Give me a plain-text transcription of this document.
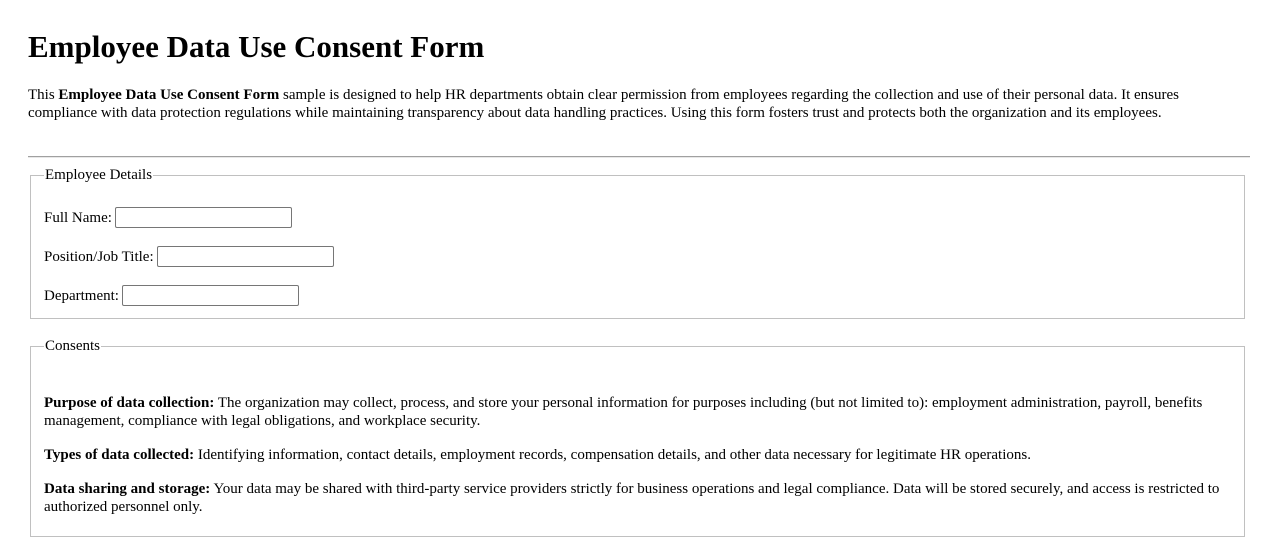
Employee Data Use Consent Form

This Employee Data Use Consent Form sample is designed to help HR departments obtain clear permission from employees regarding the collection and use of their personal data. It ensures compliance with data protection regulations while maintaining transparency about data handling practices. Using this form fosters trust and protects both the organization and its employees.

Employee Details
Full Name:
Position/Job Title:
Department:
Consents

Purpose of data collection: The organization may collect, process, and store your personal information for purposes including (but not limited to): employment administration, payroll, benefits management, compliance with legal obligations, and workplace security.

Types of data collected: Identifying information, contact details, employment records, compensation details, and other data necessary for legitimate HR operations.

Data sharing and storage: Your data may be shared with third-party service providers strictly for business operations and legal compliance. Data will be stored securely, and access is restricted to authorized personnel only.
